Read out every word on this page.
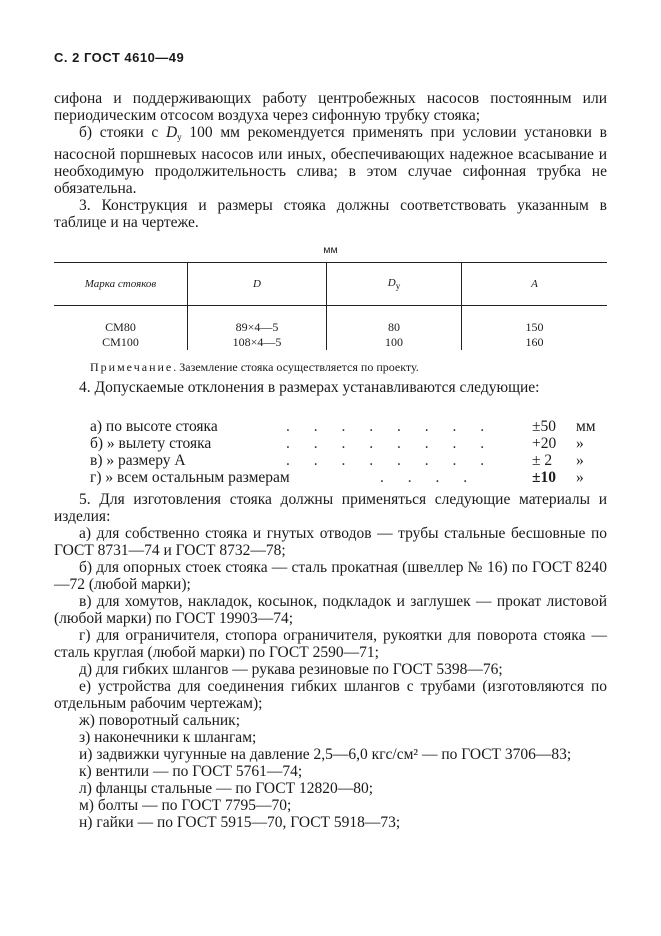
С. 2 ГОСТ 4610—49

сифона и поддерживающих работу центробежных насосов постоянным или периодическим отсосом воздуха через сифонную трубку стояка;

б) стояки с $D_у$ 100 мм рекомендуется применять при условии установки в насосной поршневых насосов или иных, обеспечивающих надежное всасывание и необходимую продолжительность слива; в этом случае сифонная трубка не обязательна.

3. Конструкция и размеры стояка должны соответствовать указанным в таблице и на чертеже.

мм
Марка стояков	D	$D_у$	А
СМ80	89×4—5	80	150
СМ100	108×4—5	100	160
Примечание. Заземление стояка осуществляется по проекту.

4. Допускаемые отклонения в размерах устанавливаются следующие:

а) по высоте стояка	. . . . . . . . ±50 мм
б) » вылету стояка	. . . . . . . . +20 »
в) » размеру А	. . . . . . . . ± 2 »
г) » всем остальным размерам	. . . .	±10 »

5. Для изготовления стояка должны применяться следующие материалы и изделия:

а) для собственно стояка и гнутых отводов — трубы стальные бесшовные по ГОСТ 8731—74 и ГОСТ 8732—78;

б) для опорных стоек стояка — сталь прокатная (швеллер № 16) по ГОСТ 8240—72 (любой марки);

в) для хомутов, накладок, косынок, подкладок и заглушек — прокат листовой (любой марки) по ГОСТ 19903—74;

г) для ограничителя, стопора ограничителя, рукоятки для поворота стояка — сталь круглая (любой марки) по ГОСТ 2590—71;

д) для гибких шлангов — рукава резиновые по ГОСТ 5398—76;

е) устройства для соединения гибких шлангов с трубами (изготовляются по отдельным рабочим чертежам);

ж) поворотный сальник;

з) наконечники к шлангам;

и) задвижки чугунные на давление 2,5—6,0 кгс/см² — по ГОСТ 3706—83;

к) вентили — по ГОСТ 5761—74;

л) фланцы стальные — по ГОСТ 12820—80;

м) болты — по ГОСТ 7795—70;

н) гайки — по ГОСТ 5915—70, ГОСТ 5918—73;
